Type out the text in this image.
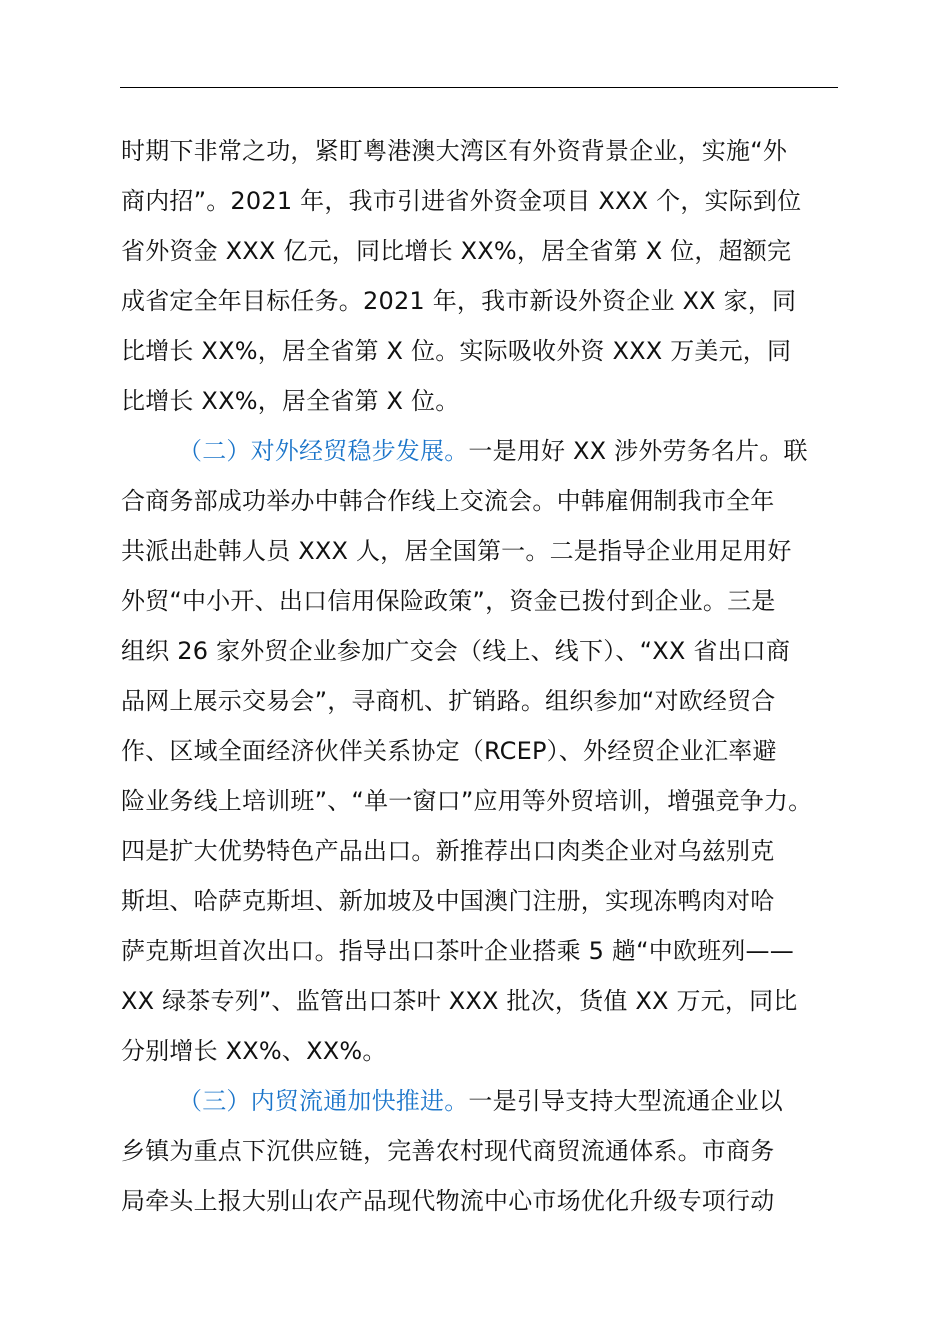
时期下非常之功，紧盯粤港澳大湾区有外资背景企业，实施“外
商内招”。2021 年，我市引进省外资金项目 XXX 个，实际到位
省外资金 XXX 亿元，同比增长 XX%，居全省第 X 位，超额完
成省定全年目标任务。2021 年，我市新设外资企业 XX 家，同
比增长 XX%，居全省第 X 位。实际吸收外资 XXX 万美元，同
比增长 XX%，居全省第 X 位。
（二）对外经贸稳步发展。一是用好 XX 涉外劳务名片。联
合商务部成功举办中韩合作线上交流会。中韩雇佣制我市全年
共派出赴韩人员 XXX 人，居全国第一。二是指导企业用足用好
外贸“中小开、出口信用保险政策”，资金已拨付到企业。三是
组织 26 家外贸企业参加广交会（线上、线下）、“XX 省出口商
品网上展示交易会”，寻商机、扩销路。组织参加“对欧经贸合
作、区域全面经济伙伴关系协定（RCEP）、外经贸企业汇率避
险业务线上培训班”、“单一窗口”应用等外贸培训，增强竞争力。
四是扩大优势特色产品出口。新推荐出口肉类企业对乌兹别克
斯坦、哈萨克斯坦、新加坡及中国澳门注册，实现冻鸭肉对哈
萨克斯坦首次出口。指导出口茶叶企业搭乘 5 趟“中欧班列——
XX 绿茶专列”、监管出口茶叶 XXX 批次，货值 XX 万元，同比
分别增长 XX%、XX%。
（三）内贸流通加快推进。一是引导支持大型流通企业以
乡镇为重点下沉供应链，完善农村现代商贸流通体系。市商务
局牵头上报大别山农产品现代物流中心市场优化升级专项行动
